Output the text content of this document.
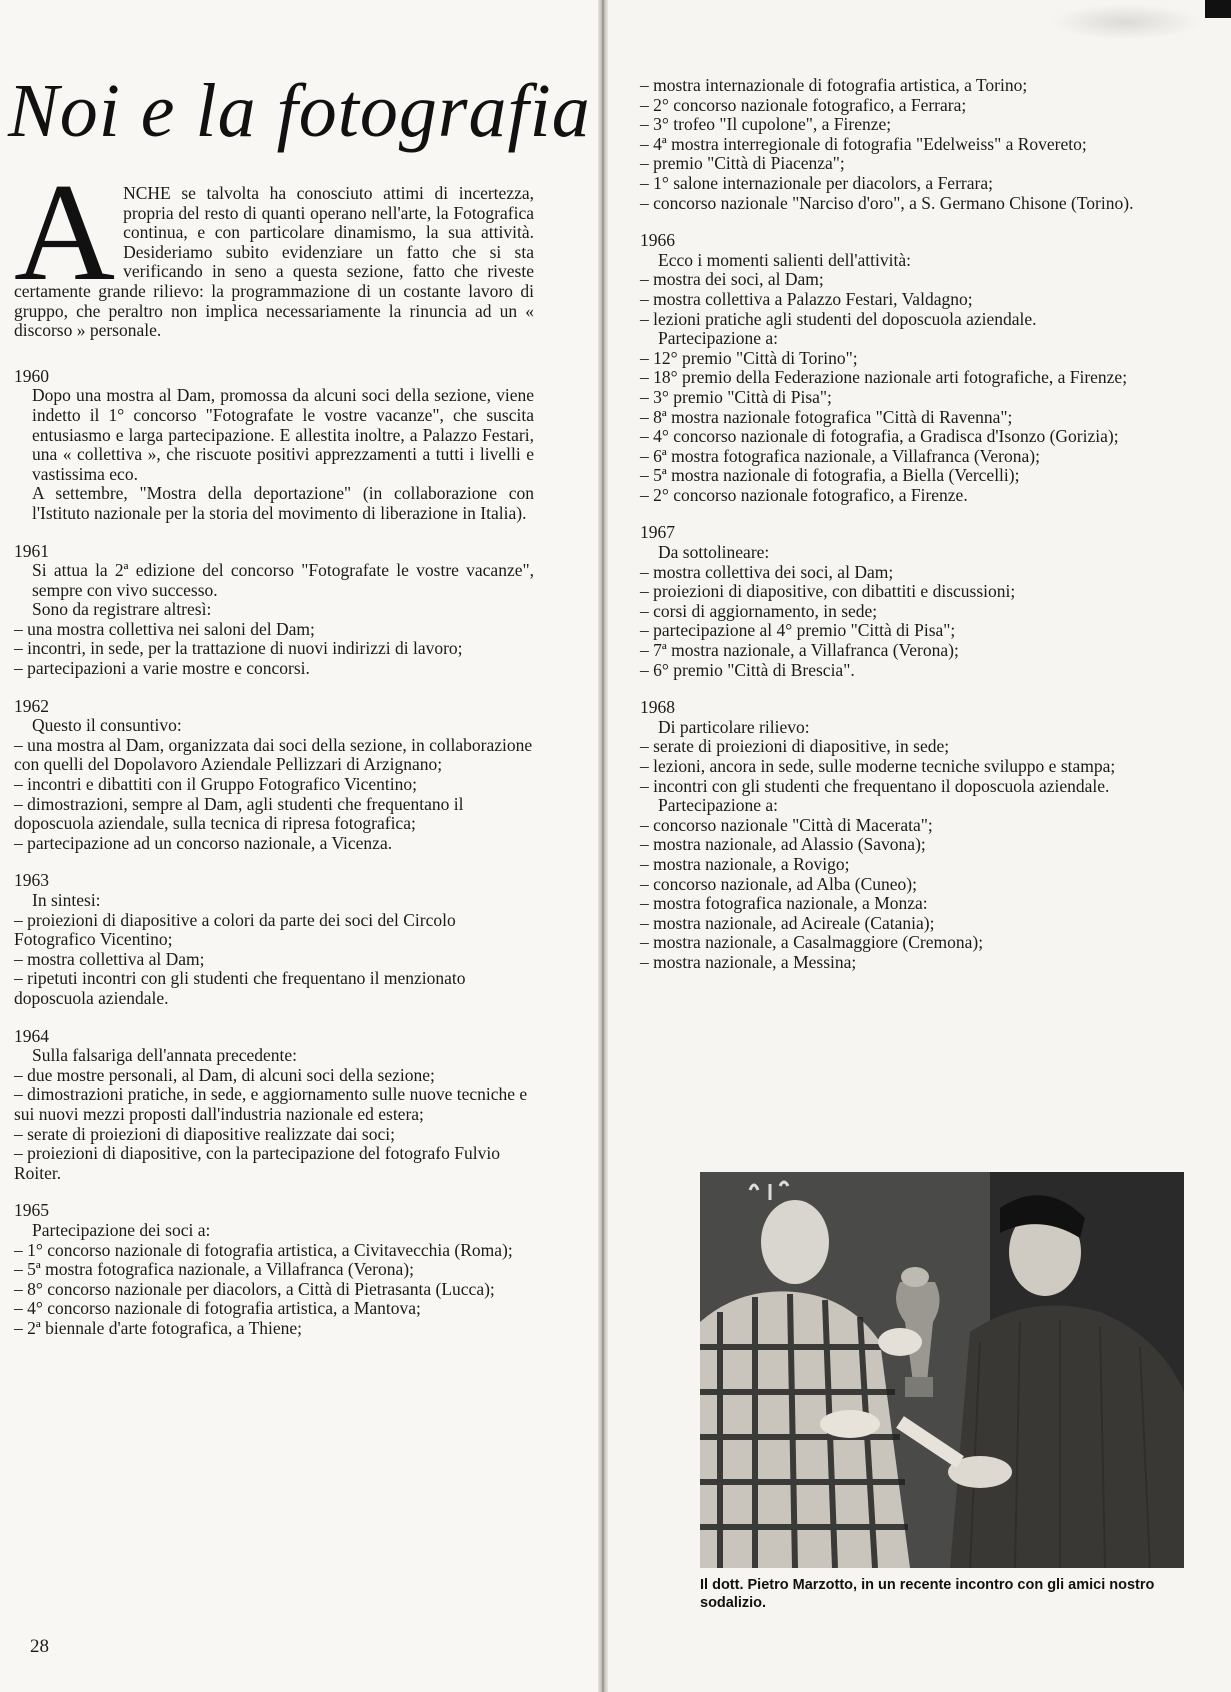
Noi e la fotografia

ANCHE se talvolta ha conosciuto attimi di incertezza, propria del resto di quanti operano nell'arte, la Fotografica continua, e con particolare dinamismo, la sua attività. Desideriamo subito evidenziare un fatto che si sta verificando in seno a questa sezione, fatto che riveste certamente grande rilievo: la programmazione di un costante lavoro di gruppo, che peraltro non implica necessariamente la rinuncia ad un « discorso » personale.

1960
Dopo una mostra al Dam, promossa da alcuni soci della sezione, viene indetto il 1° concorso "Fotografate le vostre vacanze", che suscita entusiasmo e larga partecipazione. E allestita inoltre, a Palazzo Festari, una « collettiva », che riscuote positivi apprezzamenti a tutti i livelli e vastissima eco.
A settembre, "Mostra della deportazione" (in collaborazione con l'Istituto nazionale per la storia del movimento di liberazione in Italia).
1961
Si attua la 2ª edizione del concorso "Fotografate le vostre vacanze", sempre con vivo successo.
Sono da registrare altresì:
– una mostra collettiva nei saloni del Dam;
– incontri, in sede, per la trattazione di nuovi indirizzi di lavoro;
– partecipazioni a varie mostre e concorsi.
1962
Questo il consuntivo:
– una mostra al Dam, organizzata dai soci della sezione, in collaborazione con quelli del Dopolavoro Aziendale Pellizzari di Arzignano;
– incontri e dibattiti con il Gruppo Fotografico Vicentino;
– dimostrazioni, sempre al Dam, agli studenti che frequentano il doposcuola aziendale, sulla tecnica di ripresa fotografica;
– partecipazione ad un concorso nazionale, a Vicenza.
1963
In sintesi:
– proiezioni di diapositive a colori da parte dei soci del Circolo Fotografico Vicentino;
– mostra collettiva al Dam;
– ripetuti incontri con gli studenti che frequentano il menzionato doposcuola aziendale.
1964
Sulla falsariga dell'annata precedente:
– due mostre personali, al Dam, di alcuni soci della sezione;
– dimostrazioni pratiche, in sede, e aggiornamento sulle nuove tecniche e sui nuovi mezzi proposti dall'industria nazionale ed estera;
– serate di proiezioni di diapositive realizzate dai soci;
– proiezioni di diapositive, con la partecipazione del fotografo Fulvio Roiter.
1965
Partecipazione dei soci a:
– 1° concorso nazionale di fotografia artistica, a Civitavecchia (Roma);
– 5ª mostra fotografica nazionale, a Villafranca (Verona);
– 8° concorso nazionale per diacolors, a Città di Pietrasanta (Lucca);
– 4° concorso nazionale di fotografia artistica, a Mantova;
– 2ª biennale d'arte fotografica, a Thiene;
– mostra internazionale di fotografia artistica, a Torino;
– 2° concorso nazionale fotografico, a Ferrara;
– 3° trofeo "Il cupolone", a Firenze;
– 4ª mostra interregionale di fotografia "Edelweiss" a Rovereto;
– premio "Città di Piacenza";
– 1° salone internazionale per diacolors, a Ferrara;
– concorso nazionale "Narciso d'oro", a S. Germano Chisone (Torino).
1966
Ecco i momenti salienti dell'attività:
– mostra dei soci, al Dam;
– mostra collettiva a Palazzo Festari, Valdagno;
– lezioni pratiche agli studenti del doposcuola aziendale.
Partecipazione a:
– 12° premio "Città di Torino";
– 18° premio della Federazione nazionale arti fotografiche, a Firenze;
– 3° premio "Città di Pisa";
– 8ª mostra nazionale fotografica "Città di Ravenna";
– 4° concorso nazionale di fotografia, a Gradisca d'Isonzo (Gorizia);
– 6ª mostra fotografica nazionale, a Villafranca (Verona);
– 5ª mostra nazionale di fotografia, a Biella (Vercelli);
– 2° concorso nazionale fotografico, a Firenze.
1967
Da sottolineare:
– mostra collettiva dei soci, al Dam;
– proiezioni di diapositive, con dibattiti e discussioni;
– corsi di aggiornamento, in sede;
– partecipazione al 4° premio "Città di Pisa";
– 7ª mostra nazionale, a Villafranca (Verona);
– 6° premio "Città di Brescia".
1968
Di particolare rilievo:
– serate di proiezioni di diapositive, in sede;
– lezioni, ancora in sede, sulle moderne tecniche sviluppo e stampa;
– incontri con gli studenti che frequentano il doposcuola aziendale.
Partecipazione a:
– concorso nazionale "Città di Macerata";
– mostra nazionale, ad Alassio (Savona);
– mostra nazionale, a Rovigo;
– concorso nazionale, ad Alba (Cuneo);
– mostra fotografica nazionale, a Monza:
– mostra nazionale, ad Acireale (Catania);
– mostra nazionale, a Casalmaggiore (Cremona);
– mostra nazionale, a Messina;
Il dott. Pietro Marzotto, in un recente incontro con gli amici nostro sodalizio.
28
